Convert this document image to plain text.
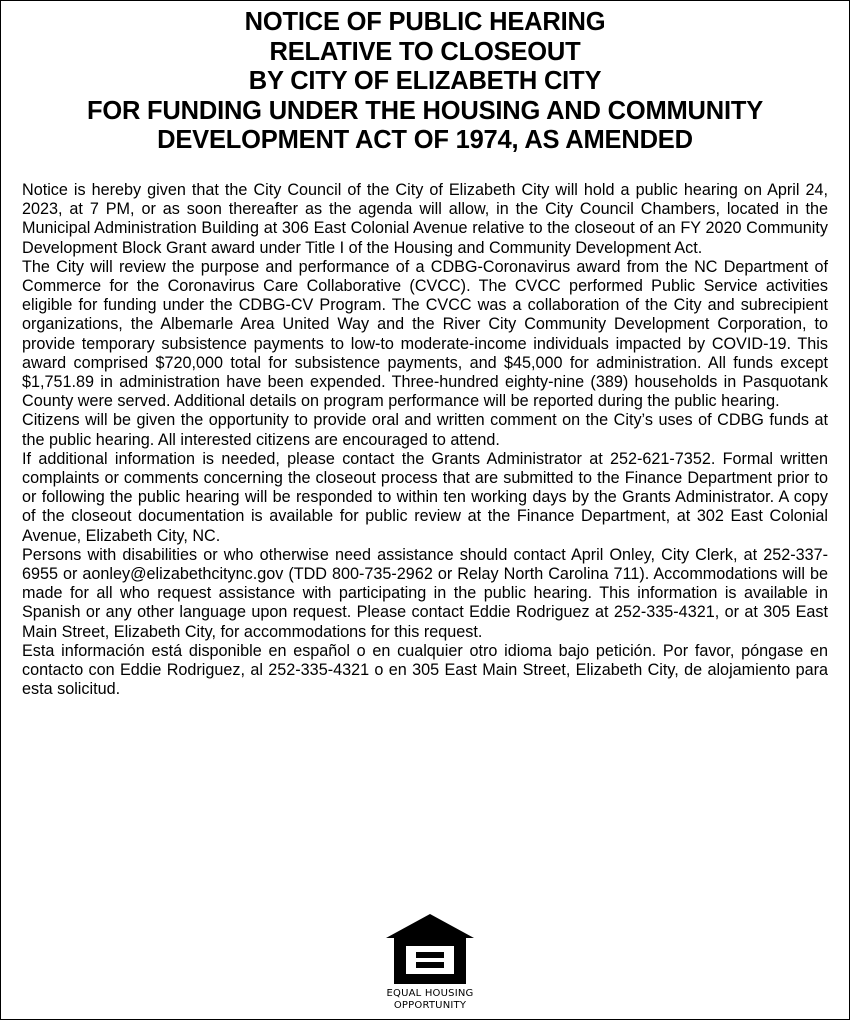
NOTICE OF PUBLIC HEARING
RELATIVE TO CLOSEOUT
BY CITY OF ELIZABETH CITY
FOR FUNDING UNDER THE HOUSING AND COMMUNITY
DEVELOPMENT ACT OF 1974, AS AMENDED

Notice is hereby given that the City Council of the City of Elizabeth City will hold a public hearing on April 24, 2023, at 7 PM, or as soon thereafter as the agenda will allow, in the City Council Chambers, located in the Municipal Administration Building at 306 East Colonial Avenue relative to the closeout of an FY 2020 Community Development Block Grant award under Title I of the Housing and Community Development Act.

The City will review the purpose and performance of a CDBG-Coronavirus award from the NC Department of Commerce for the Coronavirus Care Collaborative (CVCC). The CVCC performed Public Service activities eligible for funding under the CDBG-CV Program. The CVCC was a collaboration of the City and subrecipient organizations, the Albemarle Area United Way and the River City Community Development Corporation, to provide temporary subsistence payments to low-to moderate-income individuals impacted by COVID-19. This award comprised $720,000 total for subsistence payments, and $45,000 for administration. All funds except $1,751.89 in administration have been expended. Three-hundred eighty-nine (389) households in Pasquotank County were served. Additional details on program performance will be reported during the public hearing.

Citizens will be given the opportunity to provide oral and written comment on the City’s uses of CDBG funds at the public hearing. All interested citizens are encouraged to attend.

If additional information is needed, please contact the Grants Administrator at 252-621-7352. Formal written complaints or comments concerning the closeout process that are submitted to the Finance Department prior to or following the public hearing will be responded to within ten working days by the Grants Administrator. A copy of the closeout documentation is available for public review at the Finance Department, at 302 East Colonial Avenue, Elizabeth City, NC.

Persons with disabilities or who otherwise need assistance should contact April Onley, City Clerk, at 252-337-6955 or aonley@elizabethcitync.gov (TDD 800-735-2962 or Relay North Carolina 711). Accommodations will be made for all who request assistance with participating in the public hearing. This information is available in Spanish or any other language upon request. Please contact Eddie Rodriguez at 252-335-4321, or at 305 East Main Street, Elizabeth City, for accommodations for this request.

Esta información está disponible en español o en cualquier otro idioma bajo petición. Por favor, póngase en contacto con Eddie Rodriguez, al 252-335-4321 o en 305 East Main Street, Elizabeth City, de alojamiento para esta solicitud.

EQUAL HOUSING
OPPORTUNITY
